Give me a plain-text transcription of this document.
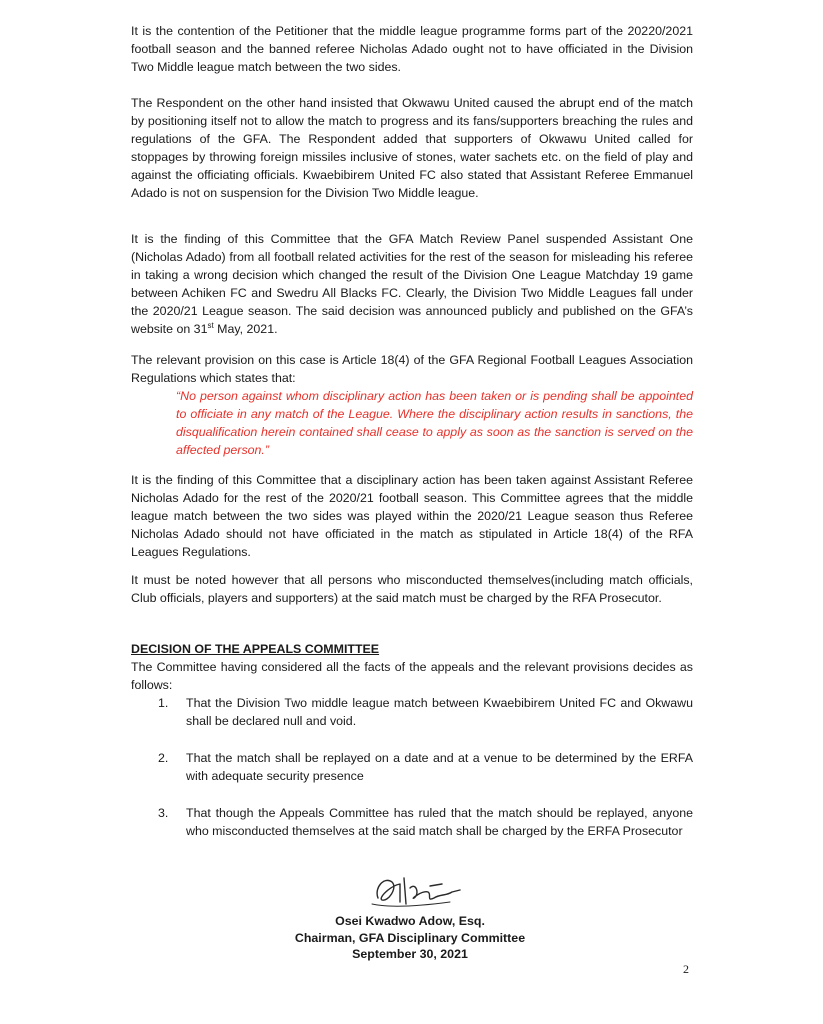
It is the contention of the Petitioner that the middle league programme forms part of the 20220/2021 football season and the banned referee Nicholas Adado ought not to have officiated in the Division Two Middle league match between the two sides.

The Respondent on the other hand insisted that Okwawu United caused the abrupt end of the match by positioning itself not to allow the match to progress and its fans/supporters breaching the rules and regulations of the GFA. The Respondent added that supporters of Okwawu United called for stoppages by throwing foreign missiles inclusive of stones, water sachets etc. on the field of play and against the officiating officials. Kwaebibirem United FC also stated that Assistant Referee Emmanuel Adado is not on suspension for the Division Two Middle league.

It is the finding of this Committee that the GFA Match Review Panel suspended Assistant One (Nicholas Adado) from all football related activities for the rest of the season for misleading his referee in taking a wrong decision which changed the result of the Division One League Matchday 19 game between Achiken FC and Swedru All Blacks FC. Clearly, the Division Two Middle Leagues fall under the 2020/21 League season. The said decision was announced publicly and published on the GFA’s website on 31st May, 2021.

The relevant provision on this case is Article 18(4) of the GFA Regional Football Leagues Association Regulations which states that:

“No person against whom disciplinary action has been taken or is pending shall be appointed to officiate in any match of the League. Where the disciplinary action results in sanctions, the disqualification herein contained shall cease to apply as soon as the sanction is served on the affected person.”

It is the finding of this Committee that a disciplinary action has been taken against Assistant Referee Nicholas Adado for the rest of the 2020/21 football season. This Committee agrees that the middle league match between the two sides was played within the 2020/21 League season thus Referee Nicholas Adado should not have officiated in the match as stipulated in Article 18(4) of the RFA Leagues Regulations.

It must be noted however that all persons who misconducted themselves(including match officials, Club officials, players and supporters) at the said match must be charged by the RFA Prosecutor.

DECISION OF THE APPEALS COMMITTEE

The Committee having considered all the facts of the appeals and the relevant provisions decides as follows:

1. That the Division Two middle league match between Kwaebibirem United FC and Okwawu shall be declared null and void.
2. That the match shall be replayed on a date and at a venue to be determined by the ERFA with adequate security presence
3. That though the Appeals Committee has ruled that the match should be replayed, anyone who misconducted themselves at the said match shall be charged by the ERFA Prosecutor

Osei Kwadwo Adow, Esq.

Chairman, GFA Disciplinary Committee

September 30, 2021

2
